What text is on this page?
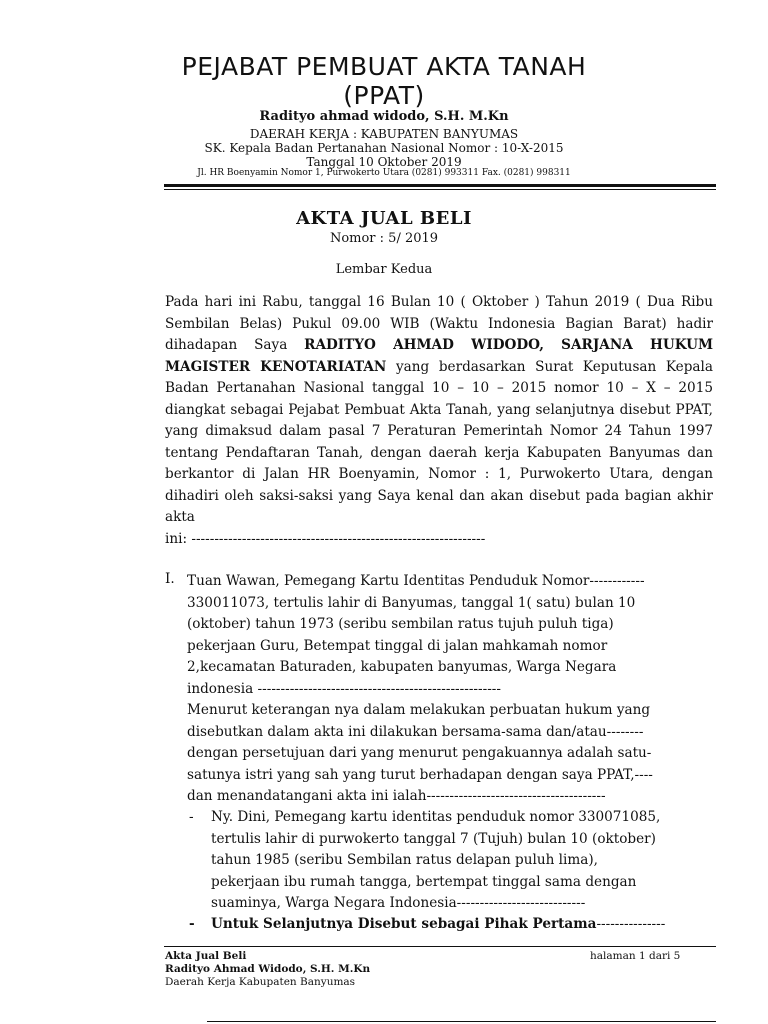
PEJABAT PEMBUAT AKTA TANAH
(PPAT)
Radityo ahmad widodo, S.H. M.Kn
DAERAH KERJA : KABUPATEN BANYUMAS
SK. Kepala Badan Pertanahan Nasional Nomor : 10-X-2015
Tanggal 10 Oktober 2019
Jl. HR Boenyamin Nomor 1, Purwokerto Utara (0281) 993311 Fax. (0281) 998311
AKTA JUAL BELI
Nomor : 5/ 2019
Lembar Kedua
Pada hari ini Rabu, tanggal 16 Bulan 10 ( Oktober ) Tahun 2019 ( Dua Ribu Sembilan Belas) Pukul 09.00 WIB (Waktu Indonesia Bagian Barat) hadir dihadapan Saya RADITYO AHMAD WIDODO, SARJANA HUKUM MAGISTER KENOTARIATAN yang berdasarkan Surat Keputusan Kepala Badan Pertanahan Nasional tanggal 10 – 10 – 2015 nomor 10 – X – 2015 diangkat sebagai Pejabat Pembuat Akta Tanah, yang selanjutnya disebut PPAT, yang dimaksud dalam pasal 7 Peraturan Pemerintah Nomor 24 Tahun 1997 tentang Pendaftaran Tanah, dengan daerah kerja Kabupaten Banyumas dan berkantor di Jalan HR Boenyamin, Nomor : 1, Purwokerto Utara, dengan dihadiri oleh saksi-saksi yang Saya kenal dan akan disebut pada bagian akhir akta
ini: ----------------------------------------------------------------
I. Tuan Wawan, Pemegang Kartu Identitas Penduduk Nomor------------
330011073, tertulis lahir di Banyumas, tanggal 1( satu) bulan 10
(oktober) tahun 1973 (seribu sembilan ratus tujuh puluh tiga)
pekerjaan Guru, Betempat tinggal di jalan mahkamah nomor
2,kecamatan Baturaden, kabupaten banyumas, Warga Negara
indonesia -----------------------------------------------------
Menurut keterangan nya dalam melakukan perbuatan hukum yang
disebutkan dalam akta ini dilakukan bersama-sama dan/atau--------
dengan persetujuan dari yang menurut pengakuannya adalah satu-
satunya istri yang sah yang turut berhadapan dengan saya PPAT,----
dan menandatangani akta ini ialah---------------------------------------
- Ny. Dini, Pemegang kartu identitas penduduk nomor 330071085,
tertulis lahir di purwokerto tanggal 7 (Tujuh) bulan 10 (oktober)
tahun 1985 (seribu Sembilan ratus delapan puluh lima),
pekerjaan ibu rumah tangga, bertempat tinggal sama dengan
suaminya, Warga Negara Indonesia----------------------------
- Untuk Selanjutnya Disebut sebagai Pihak Pertama---------------
Akta Jual Beli
Radityo Ahmad Widodo, S.H. M.Kn
Daerah Kerja Kabupaten Banyumas
halaman 1 dari 5
